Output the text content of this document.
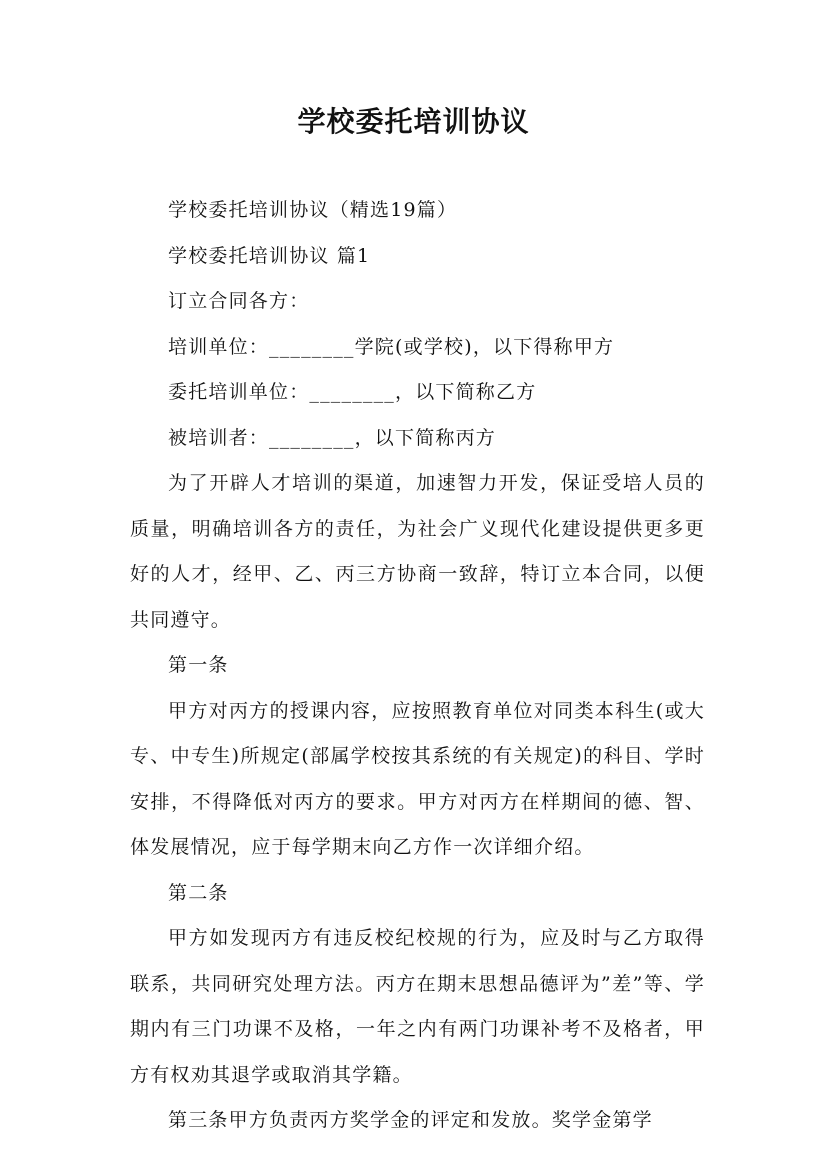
学校委托培训协议

学校委托培训协议（精选19篇）

学校委托培训协议 篇1

订立合同各方：

培训单位：________学院(或学校)，以下得称甲方

委托培训单位：________，以下简称乙方

被培训者：________，以下简称丙方

为了开辟人才培训的渠道，加速智力开发，保证受培人员的质量，明确培训各方的责任，为社会广义现代化建设提供更多更好的人才，经甲、乙、丙三方协商一致辞，特订立本合同，以便共同遵守。

第一条

甲方对丙方的授课内容，应按照教育单位对同类本科生(或大专、中专生)所规定(部属学校按其系统的有关规定)的科目、学时安排，不得降低对丙方的要求。甲方对丙方在样期间的德、智、体发展情况，应于每学期末向乙方作一次详细介绍。

第二条

甲方如发现丙方有违反校纪校规的行为，应及时与乙方取得联系，共同研究处理方法。丙方在期末思想品德评为”差”等、学期内有三门功课不及格，一年之内有两门功课补考不及格者，甲方有权劝其退学或取消其学籍。

第三条甲方负责丙方奖学金的评定和发放。奖学金第学
